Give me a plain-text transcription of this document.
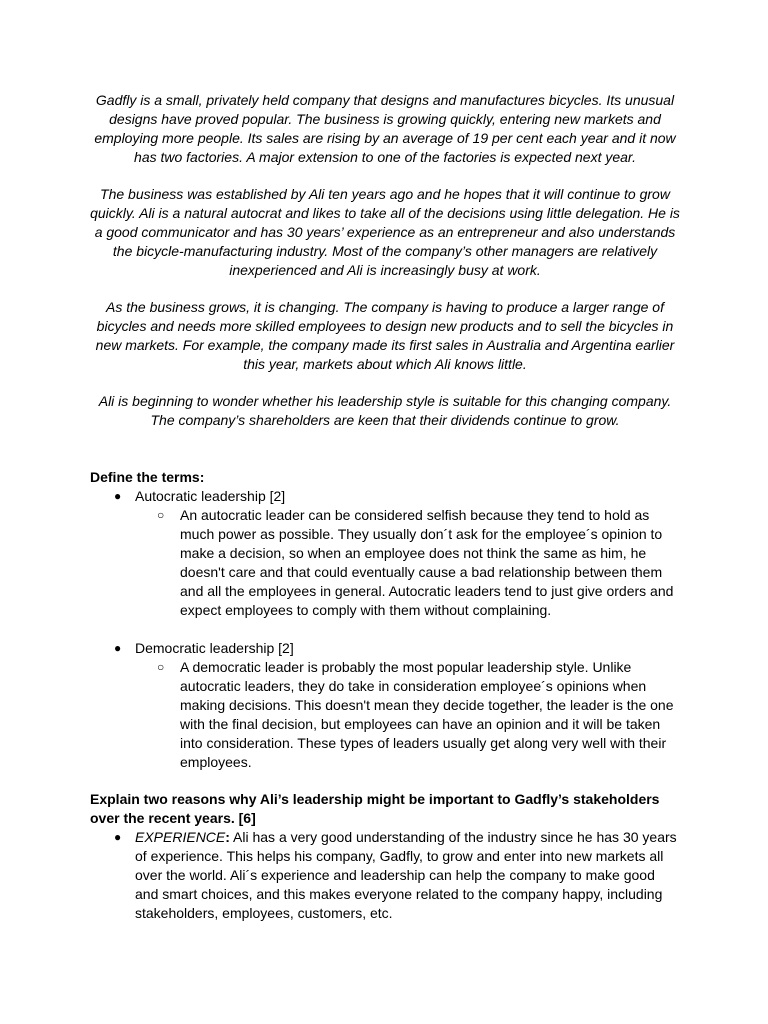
Gadfly is a small, privately held company that designs and manufactures bicycles. Its unusual designs have proved popular. The business is growing quickly, entering new markets and employing more people. Its sales are rising by an average of 19 per cent each year and it now has two factories. A major extension to one of the factories is expected next year.

The business was established by Ali ten years ago and he hopes that it will continue to grow quickly. Ali is a natural autocrat and likes to take all of the decisions using little delegation. He is a good communicator and has 30 years’ experience as an entrepreneur and also understands the bicycle-manufacturing industry. Most of the company’s other managers are relatively inexperienced and Ali is increasingly busy at work.

As the business grows, it is changing. The company is having to produce a larger range of bicycles and needs more skilled employees to design new products and to sell the bicycles in new markets. For example, the company made its first sales in Australia and Argentina earlier this year, markets about which Ali knows little.

Ali is beginning to wonder whether his leadership style is suitable for this changing company. The company’s shareholders are keen that their dividends continue to grow.

Define the terms:

● Autocratic leadership [2]
○ An autocratic leader can be considered selfish because they tend to hold as much power as possible. They usually don´t ask for the employee´s opinion to make a decision, so when an employee does not think the same as him, he doesn't care and that could eventually cause a bad relationship between them and all the employees in general. Autocratic leaders tend to just give orders and expect employees to comply with them without complaining.
● Democratic leadership [2]
○ A democratic leader is probably the most popular leadership style. Unlike autocratic leaders, they do take in consideration employee´s opinions when making decisions. This doesn't mean they decide together, the leader is the one with the final decision, but employees can have an opinion and it will be taken into consideration. These types of leaders usually get along very well with their employees.

Explain two reasons why Ali’s leadership might be important to Gadfly’s stakeholders over the recent years. [6]

● EXPERIENCE: Ali has a very good understanding of the industry since he has 30 years of experience. This helps his company, Gadfly, to grow and enter into new markets all over the world. Ali´s experience and leadership can help the company to make good and smart choices, and this makes everyone related to the company happy, including stakeholders, employees, customers, etc.
